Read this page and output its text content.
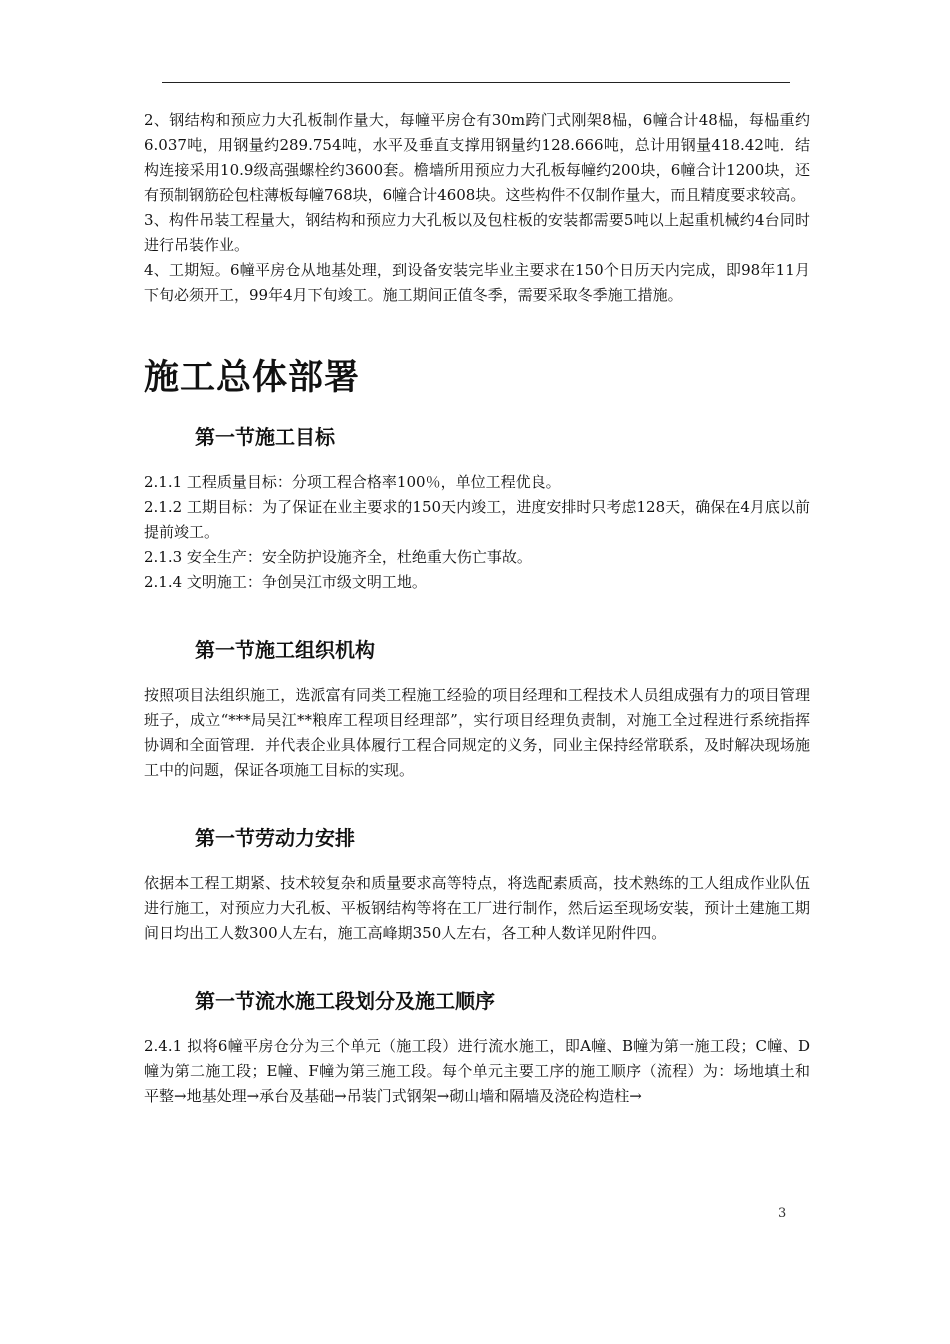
2、钢结构和预应力大孔板制作量大，每幢平房仓有30m跨门式刚架8榀，6幢合计48榀，每榀重约6.037吨，用钢量约289.754吨，水平及垂直支撑用钢量约128.666吨，总计用钢量418.42吨．结构连接采用10.9级高强螺栓约3600套。檐墙所用预应力大孔板每幢约200块，6幢合计1200块，还有预制钢筋砼包柱薄板每幢768块，6幢合计4608块。这些构件不仅制作量大，而且精度要求较高。

3、构件吊装工程量大，钢结构和预应力大孔板以及包柱板的安装都需要5吨以上起重机械约4台同时进行吊装作业。

4、工期短。6幢平房仓从地基处理，到设备安装完毕业主要求在150个日历天内完成，即98年11月下旬必须开工，99年4月下旬竣工。施工期间正值冬季，需要采取冬季施工措施。

施工总体部署
第一节施工目标

2.1.1 工程质量目标：分项工程合格率100％，单位工程优良。

2.1.2 工期目标：为了保证在业主要求的150天内竣工，进度安排时只考虑128天，确保在4月底以前提前竣工。

2.1.3 安全生产：安全防护设施齐全，杜绝重大伤亡事故。

2.1.4 文明施工：争创吴江市级文明工地。

第一节施工组织机构

按照项目法组织施工，选派富有同类工程施工经验的项目经理和工程技术人员组成强有力的项目管理班子，成立“***局吴江**粮库工程项目经理部”，实行项目经理负责制，对施工全过程进行系统指挥协调和全面管理．并代表企业具体履行工程合同规定的义务，同业主保持经常联系，及时解决现场施工中的问题，保证各项施工目标的实现。

第一节劳动力安排

依据本工程工期紧、技术较复杂和质量要求高等特点，将选配素质高，技术熟练的工人组成作业队伍进行施工，对预应力大孔板、平板钢结构等将在工厂进行制作，然后运至现场安装，预计土建施工期间日均出工人数300人左右，施工高峰期350人左右，各工种人数详见附件四。

第一节流水施工段划分及施工顺序

2.4.1 拟将6幢平房仓分为三个单元（施工段）进行流水施工，即A幢、B幢为第一施工段；C幢、D幢为第二施工段；E幢、F幢为第三施工段。每个单元主要工序的施工顺序（流程）为：场地填土和平整→地基处理→承台及基础→吊装门式钢架→砌山墙和隔墙及浇砼构造柱→

3
